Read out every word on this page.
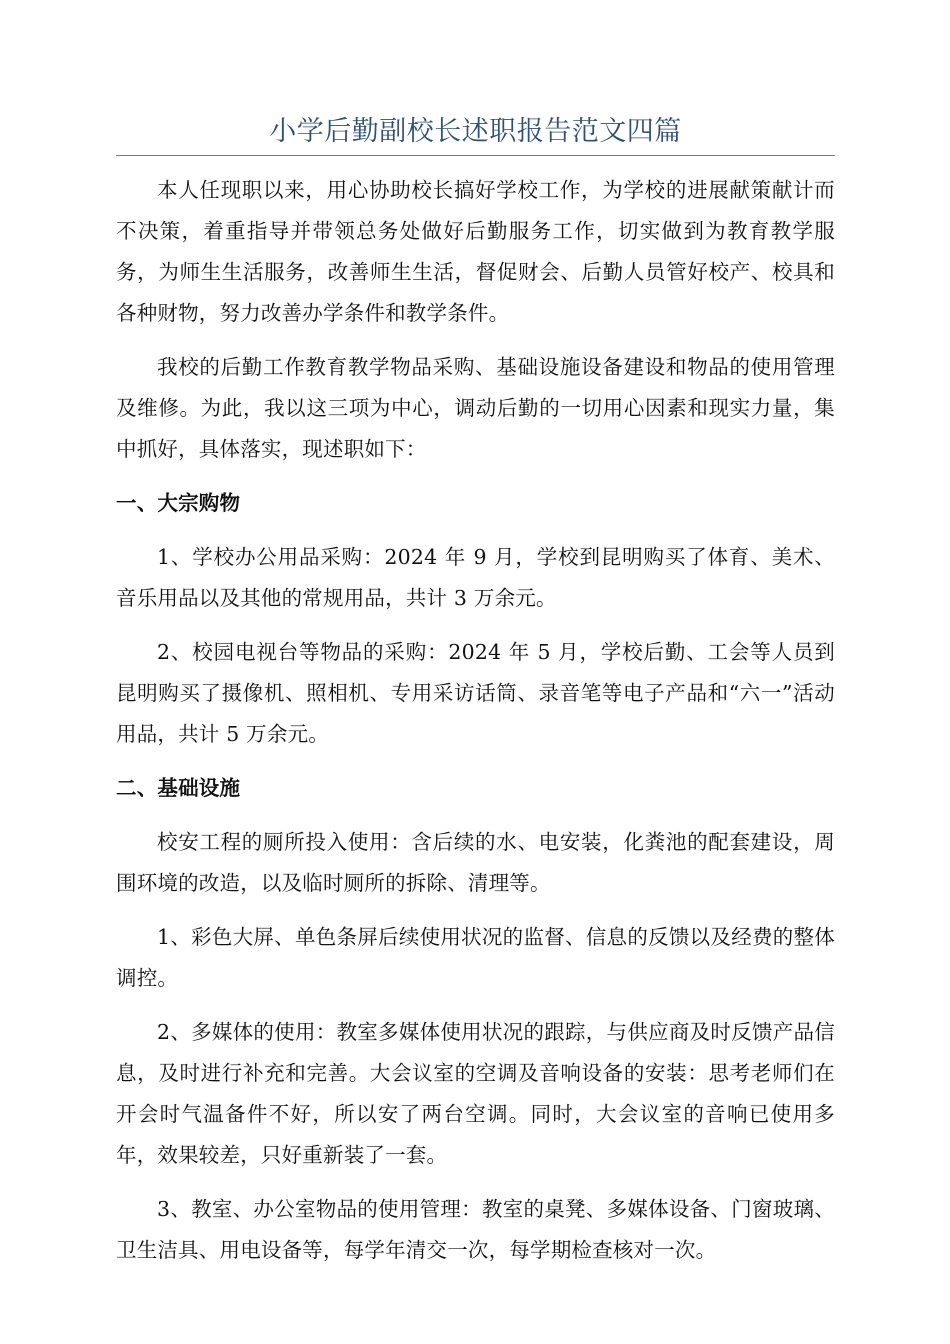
小学后勤副校长述职报告范文四篇

本人任现职以来，用心协助校长搞好学校工作，为学校的进展献策献计而不决策，着重指导并带领总务处做好后勤服务工作，切实做到为教育教学服务，为师生生活服务，改善师生生活，督促财会、后勤人员管好校产、校具和各种财物，努力改善办学条件和教学条件。

我校的后勤工作教育教学物品采购、基础设施设备建设和物品的使用管理及维修。为此，我以这三项为中心，调动后勤的一切用心因素和现实力量，集中抓好，具体落实，现述职如下：

一、大宗购物

1、学校办公用品采购：2024 年 9 月，学校到昆明购买了体育、美术、音乐用品以及其他的常规用品，共计 3 万余元。

2、校园电视台等物品的采购：2024 年 5 月，学校后勤、工会等人员到昆明购买了摄像机、照相机、专用采访话筒、录音笔等电子产品和“六一”活动用品，共计 5 万余元。

二、基础设施

校安工程的厕所投入使用：含后续的水、电安装，化粪池的配套建设，周围环境的改造，以及临时厕所的拆除、清理等。

1、彩色大屏、单色条屏后续使用状况的监督、信息的反馈以及经费的整体调控。

2、多媒体的使用：教室多媒体使用状况的跟踪，与供应商及时反馈产品信息，及时进行补充和完善。大会议室的空调及音响设备的安装：思考老师们在开会时气温备件不好，所以安了两台空调。同时，大会议室的音响已使用多年，效果较差，只好重新装了一套。

3、教室、办公室物品的使用管理：教室的桌凳、多媒体设备、门窗玻璃、卫生洁具、用电设备等，每学年清交一次，每学期检查核对一次。
